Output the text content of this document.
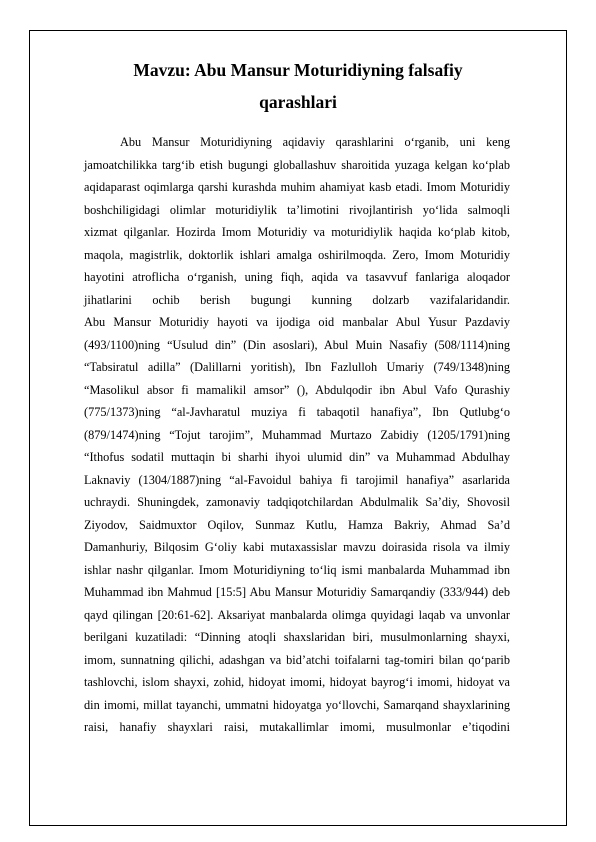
Mavzu: Abu Mansur Moturidiyning falsafiy
qarashlari
Abu Mansur Moturidiyning aqidaviy qarashlarini o‘rganib, uni keng
jamoatchilikka targ‘ib etish bugungi globallashuv sharoitida yuzaga kelgan ko‘plab
aqidaparast oqimlarga qarshi kurashda muhim ahamiyat kasb etadi. Imom Moturidiy
boshchiligidagi olimlar moturidiylik ta’limotini rivojlantirish yo‘lida salmoqli
xizmat qilganlar. Hozirda Imom Moturidiy va moturidiylik haqida ko‘plab kitob,
maqola, magistrlik, doktorlik ishlari amalga oshirilmoqda. Zero, Imom Moturidiy
hayotini atroflicha o‘rganish, uning fiqh, aqida va tasavvuf fanlariga aloqador
jihatlarini ochib berish bugungi kunning dolzarb vazifalaridandir.
Abu Mansur Moturidiy hayoti va ijodiga oid manbalar Abul Yusur Pazdaviy
(493/1100)ning “Usulud din” (Din asoslari), Abul Muin Nasafiy (508/1114)ning
“Tabsiratul adilla” (Dalillarni yoritish), Ibn Fazlulloh Umariy (749/1348)ning
“Masolikul absor fi mamalikil amsor” (), Abdulqodir ibn Abul Vafo Qurashiy
(775/1373)ning “al-Javharatul muziya fi tabaqotil hanafiya”, Ibn Qutlubg‘o
(879/1474)ning “Tojut tarojim”, Muhammad Murtazo Zabidiy (1205/1791)ning
“Ithofus sodatil muttaqin bi sharhi ihyoi ulumid din” va Muhammad Abdulhay
Laknaviy (1304/1887)ning “al-Favoidul bahiya fi tarojimil hanafiya” asarlarida
uchraydi. Shuningdek, zamonaviy tadqiqotchilardan Abdulmalik Sa’diy, Shovosil
Ziyodov, Saidmuxtor Oqilov, Sunmaz Kutlu, Hamza Bakriy, Ahmad Sa’d
Damanhuriy, Bilqosim G‘oliy kabi mutaxassislar mavzu doirasida risola va ilmiy
ishlar nashr qilganlar. Imom Moturidiyning to‘liq ismi manbalarda Muhammad ibn
Muhammad ibn Mahmud [15:5] Abu Mansur Moturidiy Samarqandiy (333/944) deb
qayd qilingan [20:61-62]. Aksariyat manbalarda olimga quyidagi laqab va unvonlar
berilgani kuzatiladi: “Dinning atoqli shaxslaridan biri, musulmonlarning shayxi,
imom, sunnatning qilichi, adashgan va bid’atchi toifalarni tag-tomiri bilan qo‘parib
tashlovchi, islom shayxi, zohid, hidoyat imomi, hidoyat bayrog‘i imomi, hidoyat va
din imomi, millat tayanchi, ummatni hidoyatga yo‘llovchi, Samarqand shayxlarining
raisi, hanafiy shayxlari raisi, mutakallimlar imomi, musulmonlar e’tiqodini
